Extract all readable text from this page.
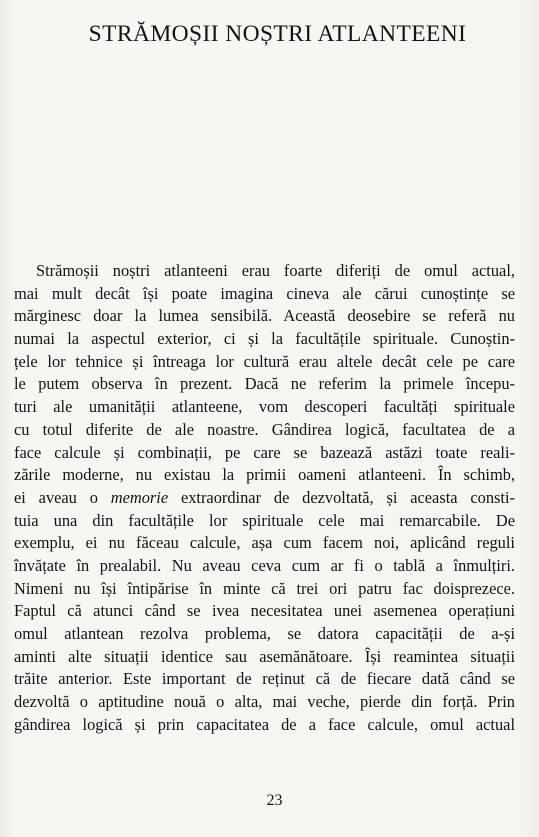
STRĂMOȘII NOȘTRI ATLANTEENI
Strămoșii noștri atlanteeni erau foarte diferiți de omul actual,
mai mult decât își poate imagina cineva ale cărui cunoștințe se
mărginesc doar la lumea sensibilă. Această deosebire se referă nu
numai la aspectul exterior, ci și la facultățile spirituale. Cunoștin-
țele lor tehnice și întreaga lor cultură erau altele decât cele pe care
le putem observa în prezent. Dacă ne referim la primele începu-
turi ale umanității atlanteene, vom descoperi facultăți spirituale
cu totul diferite de ale noastre. Gândirea logică, facultatea de a
face calcule și combinații, pe care se bazează astăzi toate reali-
zările moderne, nu existau la primii oameni atlanteeni. În schimb,
ei aveau o memorie extraordinar de dezvoltată, și aceasta consti-
tuia una din facultățile lor spirituale cele mai remarcabile. De
exemplu, ei nu făceau calcule, așa cum facem noi, aplicând reguli
învățate în prealabil. Nu aveau ceva cum ar fi o tablă a înmulțiri.
Nimeni nu își întipărise în minte că trei ori patru fac doisprezece.
Faptul că atunci când se ivea necesitatea unei asemenea operațiuni
omul atlantean rezolva problema, se datora capacității de a-și
aminti alte situații identice sau asemănătoare. Își reamintea situații
trăite anterior. Este important de reținut că de fiecare dată când se
dezvoltă o aptitudine nouă o alta, mai veche, pierde din forță. Prin
gândirea logică și prin capacitatea de a face calcule, omul actual
23
